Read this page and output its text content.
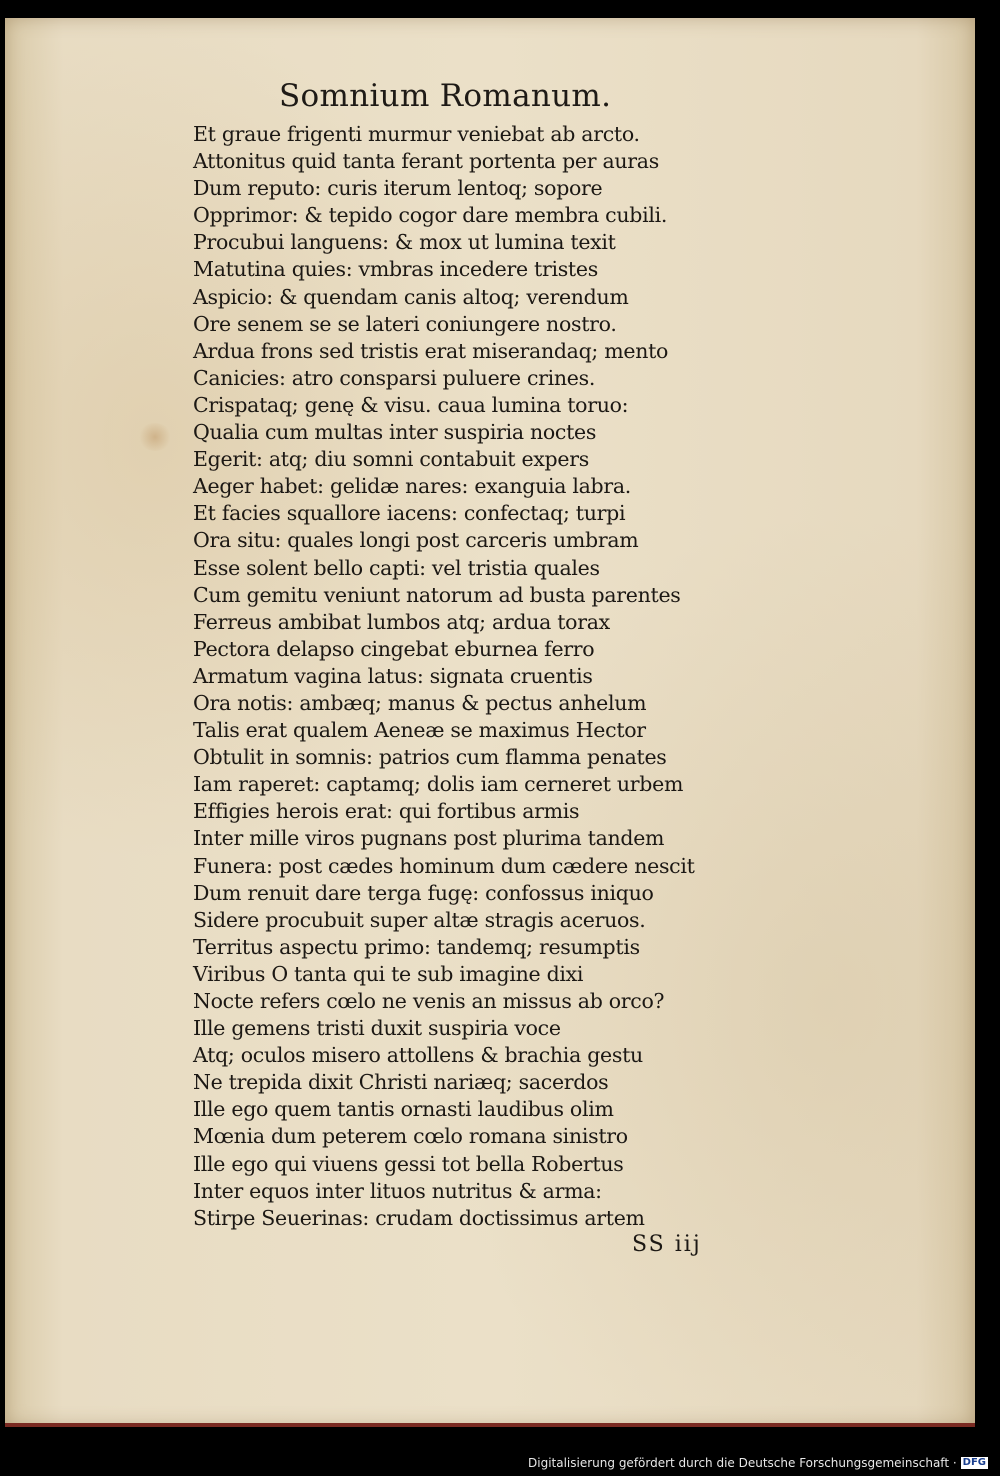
Somnium Romanum.
Et graue frigenti murmur veniebat ab arcto.
Attonitus quid tanta ferant portenta per auras
Dum reputo: curis iterum lentoq; sopore
Opprimor: & tepido cogor dare membra cubili.
Procubui languens: & mox ut lumina texit
Matutina quies: vmbras incedere tristes
Aspicio: & quendam canis altoq; verendum
Ore senem se se lateri coniungere nostro.
Ardua frons sed tristis erat miserandaq; mento
Canicies: atro consparsi puluere crines.
Crispataq; genę & visu. caua lumina toruo:
Qualia cum multas inter suspiria noctes
Egerit: atq; diu somni contabuit expers
Aeger habet: gelidæ nares: exanguia labra.
Et facies squallore iacens: confectaq; turpi
Ora situ: quales longi post carceris umbram
Esse solent bello capti: vel tristia quales
Cum gemitu veniunt natorum ad busta parentes
Ferreus ambibat lumbos atq; ardua torax
Pectora delapso cingebat eburnea ferro
Armatum vagina latus: signata cruentis
Ora notis: ambæq; manus & pectus anhelum
Talis erat qualem Aeneæ se maximus Hector
Obtulit in somnis: patrios cum flamma penates
Iam raperet: captamq; dolis iam cerneret urbem
Effigies herois erat: qui fortibus armis
Inter mille viros pugnans post plurima tandem
Funera: post cædes hominum dum cædere nescit
Dum renuit dare terga fugę: confossus iniquo
Sidere procubuit super altæ stragis aceruos.
Territus aspectu primo: tandemq; resumptis
Viribus O tanta qui te sub imagine dixi
Nocte refers cœlo ne venis an missus ab orco?
Ille gemens tristi duxit suspiria voce
Atq; oculos misero attollens & brachia gestu
Ne trepida dixit Christi nariæq; sacerdos
Ille ego quem tantis ornasti laudibus olim
Mœnia dum peterem cœlo romana sinistro
Ille ego qui viuens gessi tot bella Robertus
Inter equos inter lituos nutritus & arma:
Stirpe Seuerinas: crudam doctissimus artem
SS iij
Digitalisierung gefördert durch die Deutsche Forschungsgemeinschaft · DFG
